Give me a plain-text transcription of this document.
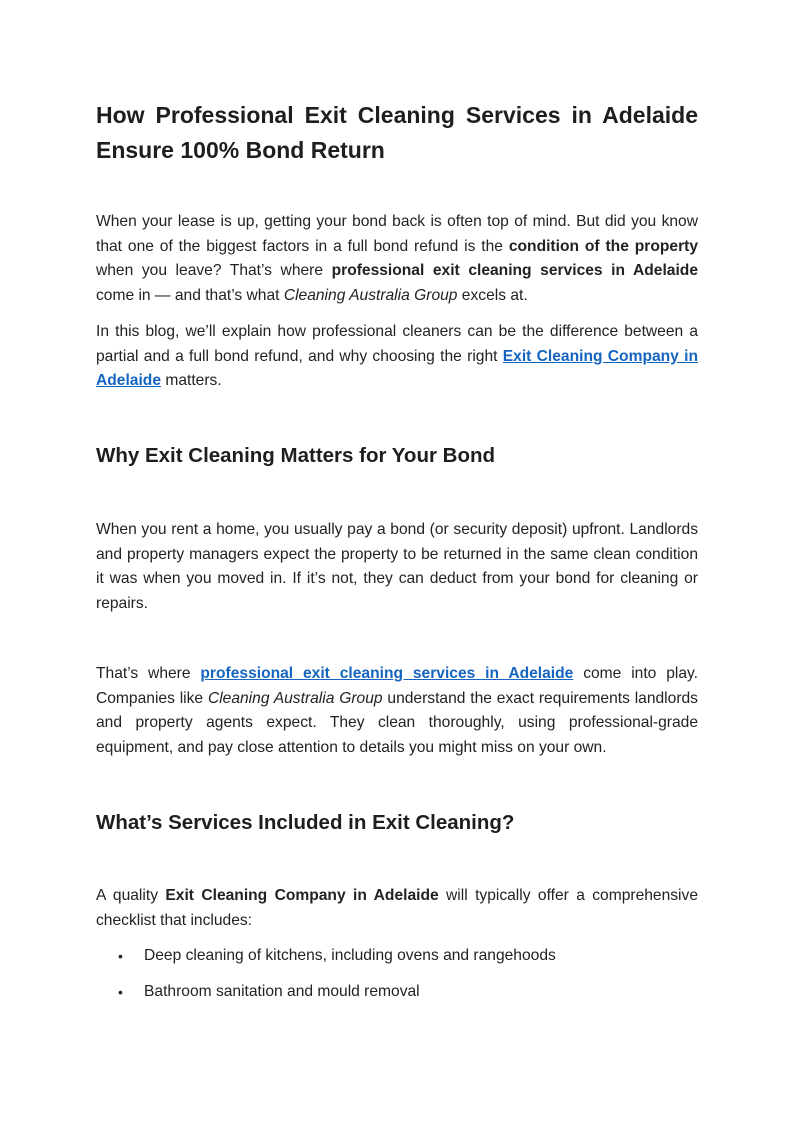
How Professional Exit Cleaning Services in Adelaide Ensure 100% Bond Return

When your lease is up, getting your bond back is often top of mind. But did you know that one of the biggest factors in a full bond refund is the condition of the property when you leave? That’s where professional exit cleaning services in Adelaide come in — and that’s what Cleaning Australia Group excels at.

In this blog, we’ll explain how professional cleaners can be the difference between a partial and a full bond refund, and why choosing the right Exit Cleaning Company in Adelaide matters.

Why Exit Cleaning Matters for Your Bond

When you rent a home, you usually pay a bond (or security deposit) upfront. Landlords and property managers expect the property to be returned in the same clean condition it was when you moved in. If it’s not, they can deduct from your bond for cleaning or repairs.

That’s where professional exit cleaning services in Adelaide come into play. Companies like Cleaning Australia Group understand the exact requirements landlords and property agents expect. They clean thoroughly, using professional-grade equipment, and pay close attention to details you might miss on your own.

What’s Services Included in Exit Cleaning?

A quality Exit Cleaning Company in Adelaide will typically offer a comprehensive checklist that includes:

• Deep cleaning of kitchens, including ovens and rangehoods
• Bathroom sanitation and mould removal
